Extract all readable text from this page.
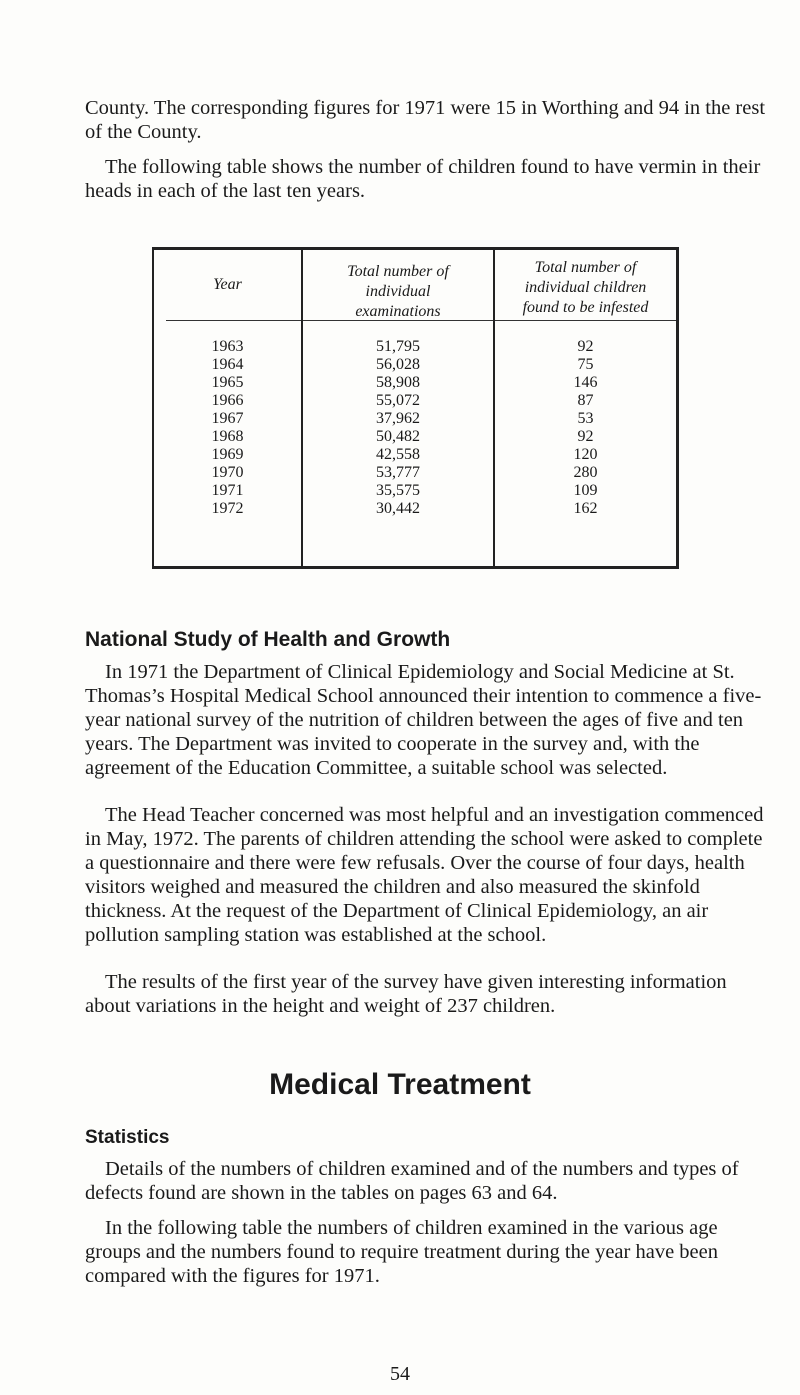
County. The corresponding figures for 1971 were 15 in Worthing and 94 in the rest of the County.

The following table shows the number of children found to have vermin in their heads in each of the last ten years.

Year
1963
1964
1965
1966
1967
1968
1969
1970
1971
1972
Total number of individual examinations
51,795
56,028
58,908
55,072
37,962
50,482
42,558
53,777
35,575
30,442
Total number of individual children found to be infested
92
75
146
87
53
92
120
280
109
162
National Study of Health and Growth

In 1971 the Department of Clinical Epidemiology and Social Medicine at St. Thomas’s Hospital Medical School announced their intention to commence a five-year national survey of the nutrition of children between the ages of five and ten years. The Department was invited to cooperate in the survey and, with the agreement of the Education Committee, a suitable school was selected.

The Head Teacher concerned was most helpful and an investigation commenced in May, 1972. The parents of children attending the school were asked to complete a questionnaire and there were few refusals. Over the course of four days, health visitors weighed and measured the children and also measured the skinfold thickness. At the request of the Department of Clinical Epidemiology, an air pollution sampling station was established at the school.

The results of the first year of the survey have given interesting information about variations in the height and weight of 237 children.

Medical Treatment
Statistics

Details of the numbers of children examined and of the numbers and types of defects found are shown in the tables on pages 63 and 64.

In the following table the numbers of children examined in the various age groups and the numbers found to require treatment during the year have been compared with the figures for 1971.

54
